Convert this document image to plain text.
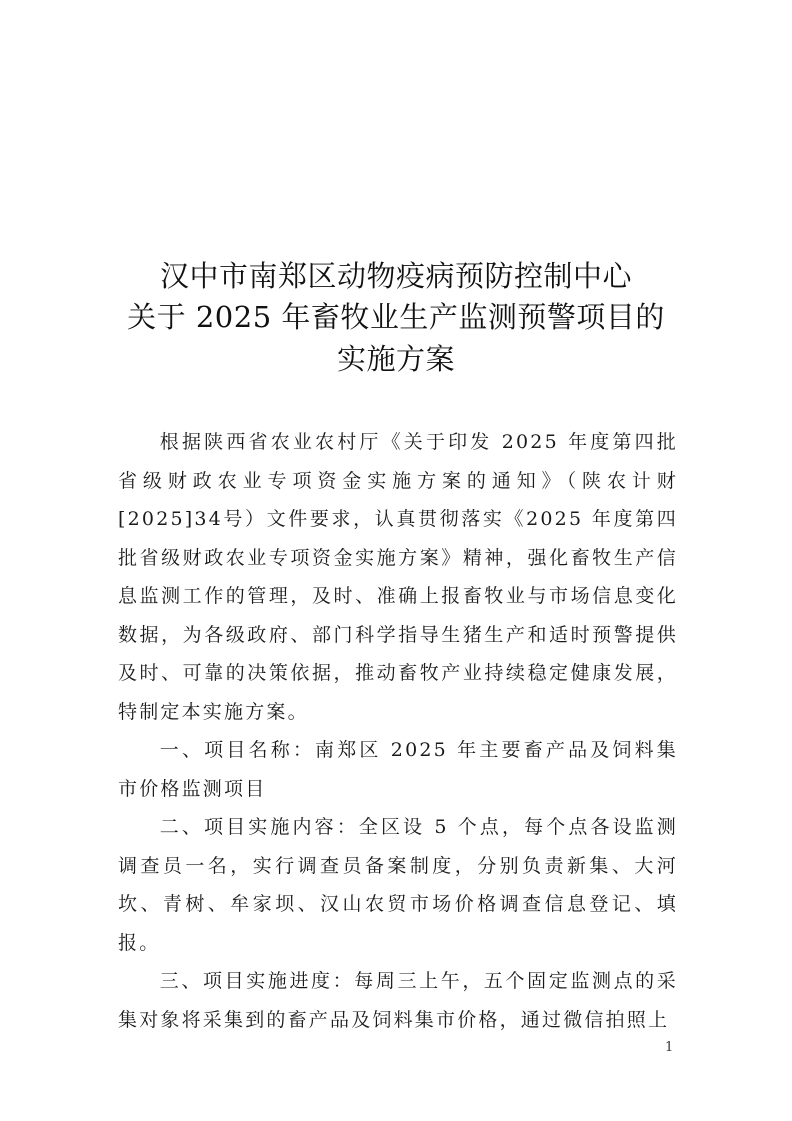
汉中市南郑区动物疫病预防控制中心
关于 2025 年畜牧业生产监测预警项目的
实施方案

根据陕西省农业农村厅《关于印发 2025 年度第四批省级财政农业专项资金实施方案的通知》（陕农计财[2025]34号）文件要求，认真贯彻落实《2025 年度第四批省级财政农业专项资金实施方案》精神，强化畜牧生产信息监测工作的管理，及时、准确上报畜牧业与市场信息变化数据，为各级政府、部门科学指导生猪生产和适时预警提供及时、可靠的决策依据，推动畜牧产业持续稳定健康发展，特制定本实施方案。

一、项目名称：南郑区 2025 年主要畜产品及饲料集市价格监测项目

二、项目实施内容：全区设 5 个点，每个点各设监测调查员一名，实行调查员备案制度，分别负责新集、大河坎、青树、牟家坝、汉山农贸市场价格调查信息登记、填报。

三、项目实施进度：每周三上午，五个固定监测点的采集对象将采集到的畜产品及饲料集市价格，通过微信拍照上

1
